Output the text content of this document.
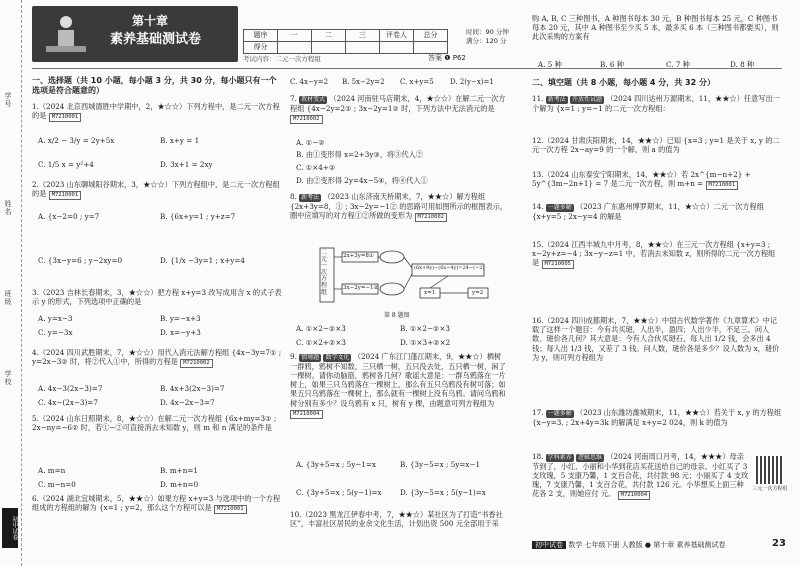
学号
姓名
班级
学校
初中试卷
第十章
素养基础测试卷	题序	一	二	三	评卷人	总分
得分					
时间：90 分钟
满分：120 分
考试内容：二元一次方程组	答案 ❶ P62
一、选择题（共 10 小题，每小题 3 分，共 30 分，每小题只有一个选项是符合题意的）
1.（2024 北京西城德胜中学期中，2，★☆☆）下列方程中，是二元一次方程的是 M7210001
A. x/2 − 3/y = 2y+5x	B. x+y = 1
C. 1/5 x = y²+4	D. 3x+1 = 2xy
2.（2023 山东聊城阳谷期末，3，★☆☆）下列方程组中，是二元一次方程组的是 M7210001
A. {x−2=0 ; y=7	B. {6x+y=1 ; y+z=7
C. {3x−y=6 ; y−2xy=0	D. {1/x −3y=1 ; x+y=4
3.（2023 吉林长春期末，3，★☆☆）把方程 x+y=3 改写成用含 x 的式子表示 y 的形式，下列选项中正确的是
A. y=x−3	B. y=−x+3
C. y=−3x	D. x=−y+3
4.（2024 四川武胜期末，7，★☆☆）用代入消元法解方程组 {4x−3y=7① ; y=2x−3② 时，将②代入①中，所得的方程是 M7210002
A. 4x−3(2x−3)=7	B. 4x+3(2x−3)=7
C. 4x−(2x−3)=7	D. 4x−2x−3=7
5.（2024 山东日照期末，8，★☆☆）在解二元一次方程组 {6x+my=3① ; 2x−ny=−6② 时，若①−②可直接消去未知数 y，则 m 和 n 满足的条件是
A. m=n	B. m+n=1
C. m−n=0	D. m+n=0
6.（2024 湖北宜城期末，5，★★☆）如果方程 x+y=3 与选项中的一个方程组成的方程组的解为 {x=1 ; y=2，那么这个方程可以是 M7210001
C. 4x−y=2 B. 5x−2y=2 C. x+y=5 D. 2(y−x)=1
7. 教材变式 （2024 河南驻马店期末，4，★☆☆）在解二元一次方程组 {4x−2y=2① ; 3x−2y=1② 时，下列方法中无法消元的是 M7210002
A. ①−②
B. 由①变形得 x=2+3y③，将③代入②
C. ①×4+②
D. 由②变形得 2y=4x−5④，将④代入①
8. 新考法 （2023 山东济南天桥期末，7，★★☆）解方程组 {2x+3y=8，① ; 3x−2y=−1② 的思路可用如图所示的框图表示，圈中应填写的对方程①②所做的变形为 M7210002
二元一次方程组
2x+3y=8①
3x−2y=−1②
(6x+9y)−(6x−4y)=24−(−2)
x=1	y=2
第 8 题图
A. ①×2−②×3	B. ①×2−②×3
C. ①×2+②×3	D. ①×3+②×2
9. 情境题 数学文化 （2024 广东江门蓬江期末，9，★★☆）栖树一群鸦，鸦树不知数，三只栖一树，五只没去处，五只栖一树，闲了一棵树。请你动脑筋，鸦树各几何？歌谣大意是：一群乌鸦落在一片树上，如果三只乌鸦落在一棵树上，那么有五只乌鸦没有树可落；如果五只乌鸦落在一棵树上，那么就有一棵树上没有乌鸦。请问乌鸦和树分别有多少？设乌鸦有 x 只，树有 y 棵，由题意可列方程组为 M7210004
A. {3y+5=x ; 5y−1=x	B. {3y−5=x ; 5y=x−1
C. {3y+5=x ; 5(y−1)=x	D. {3y−5=x ; 5(y−1)=x
10.（2023 黑龙江伊春中考，7，★★☆）某社区为了打造“书香社区”，丰富社区居民的业余文化生活，计划出资 500 元全部用于采
购 A, B, C 三种图书，A 种图书每本 30 元，B 种图书每本 25 元，C 种图书每本 20 元，其中 A 种图书至少买 5 本，最多买 6 本（三种图书都要买），则此次采购的方案有
A. 5 种	B. 6 种	C. 7 种	D. 8 种
二、填空题（共 8 小题，每小题 4 分，共 32 分）
11. 新考法 开放性试题 （2024 四川达州万源期末，11，★★☆）任意写出一个解为 {x=1 ; y=−1 的二元一次方程组：
12.（2024 甘肃庆阳期末，14，★★☆）已知 {x=3 ; y=1 是关于 x, y 的二元一次方程 2x−ay=9 的一个解，则 a 的值为
13.（2024 山东泰安宁阳期末，14，★★☆）若 2x^{m−n+2} + 5y^{3m−2n+1} = 7 是二元一次方程，则 m+n = M7210001
14. 一题多解 （2023 广东惠州博罗期末，11，★☆☆）二元一次方程组 {x+y=5 ; 2x−y=4 的解是
15.（2024 江西丰城九中月考，8，★★☆）在三元一次方程组 {x+y=3 ; x−2y+z=−4 ; 3x−y−z=1 中，若消去未知数 z，则所得的二元一次方程组是 M7210005
16.（2024 四川成都期末，7，★★☆）中国古代数学著作《九章算术》中记载了这样一个题目：今有共买琎，人出半，盈四；人出少半，不足三。问人数、琎价各几何？其大意是：今有人合伙买琎石，每人出 1/2 钱，会多出 4 钱；每人出 1/3 钱，又差了 3 钱。问人数，琎价各是多少？设人数为 x，琎价为 y，则可列方程组为
17. 一题多解 （2023 山东潍坊潍城期末，11，★★☆）若关于 x, y 的方程组 {x−y=3, ; 2x+4y=3k 的解满足 x+y=2 024，则 k 的值为
18. 学科素养 逻辑思维 （2024 河南周口月考，14，★★★）母亲节到了，小红、小丽和小华到花店买花送给自己的母亲。小红买了 3 支玫瑰，5 支康乃馨，1 支百合花，共付款 98 元；小丽买了 4 支玫瑰，7 支康乃馨，1 支百合花，共付款 126 元。小华想买上面三种花各 2 支，则她应付 元。 M7210004
三元一次方程组
初中试卷 数学 七年级下册 人教版 ● 第十章 素养基础测试卷	23
